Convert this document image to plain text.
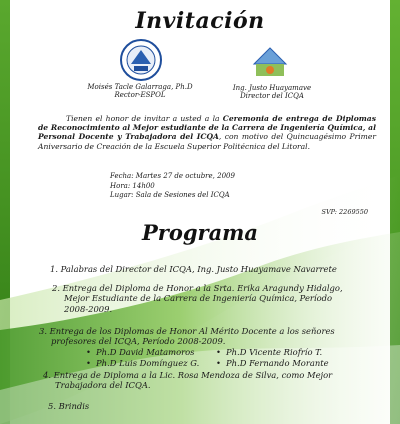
Invitación
Moisés Tacle Galarraga, Ph.D
Rector-ESPOL
Ing. Justo Huayamave
Director del ICQA
Tienen el honor de invitar a usted a la Ceremonia de entrega de Diplomas de Reconocimiento al Mejor estudiante de la Carrera de Ingeniería Química, al Personal Docente y Trabajadora del ICQA, con motivo del Quincuagésimo Primer Aniversario de Creación de la Escuela Superior Politécnica del Litoral.
Fecha: Martes 27 de octubre, 2009
Hora: 14h00
Lugar: Sala de Sesiones del ICQA
SVP: 2269550
Programa
1. Palabras del Director del ICQA, Ing. Justo Huayamave Navarrete
2. Entrega del Diploma de Honor a la Srta. Erika Aragundy Hidalgo,
Mejor Estudiante de la Carrera de Ingeniería Química, Período
2008-2009.
3. Entrega de los Diplomas de Honor Al Mérito Docente a los señores
profesores del ICQA, Período 2008-2009.
• Ph.D David Matamoros	• Ph.D Vicente Riofrío T.
• Ph.D Luis Domínguez G.	• Ph.D Fernando Morante
4. Entrega de Diploma a la Lic. Rosa Mendoza de Silva, como Mejor
Trabajadora del ICQA.
5. Brindis
